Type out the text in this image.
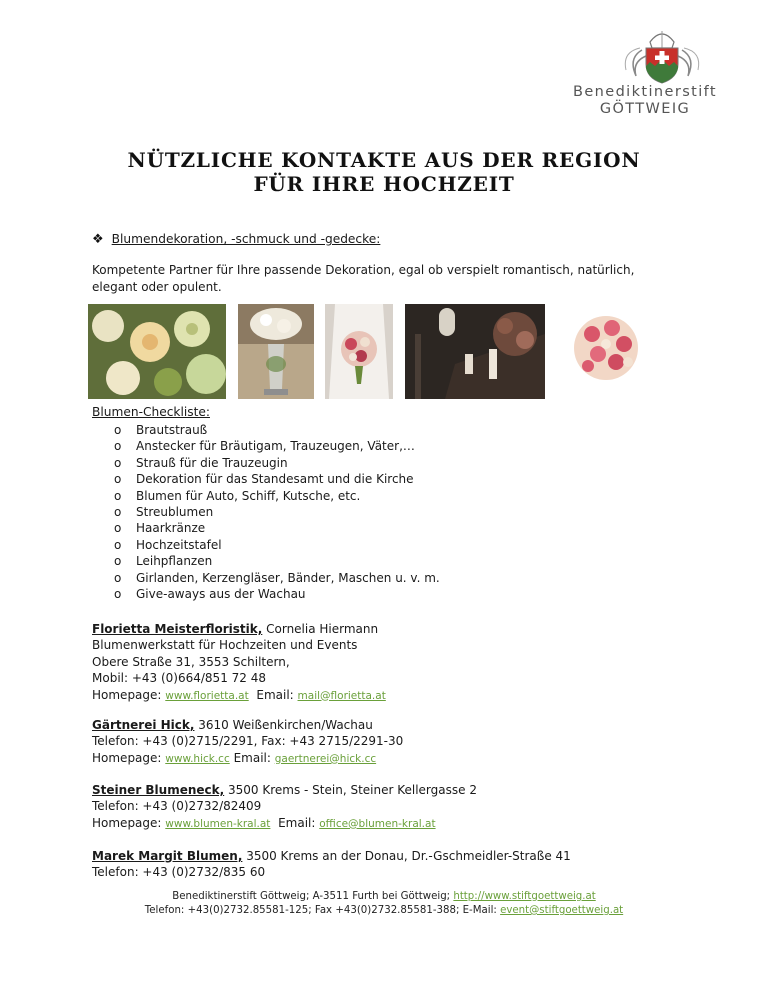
Benediktinerstift
GÖTTWEIG
NÜTZLICHE KONTAKTE AUS DER REGION
FÜR IHRE HOCHZEIT
❖ Blumendekoration, -schmuck und -gedecke:
Kompetente Partner für Ihre passende Dekoration, egal ob verspielt romantisch, natürlich, elegant oder opulent.
Blumen-Checkliste:
o Brautstrauß
o Anstecker für Bräutigam, Trauzeugen, Väter,…
o Strauß für die Trauzeugin
o Dekoration für das Standesamt und die Kirche
o Blumen für Auto, Schiff, Kutsche, etc.
o Streublumen
o Haarkränze
o Hochzeitstafel
o Leihpflanzen
o Girlanden, Kerzengläser, Bänder, Maschen u. v. m.
o Give-aways aus der Wachau
Florietta Meisterfloristik, Cornelia Hiermann
Blumenwerkstatt für Hochzeiten und Events
Obere Straße 31, 3553 Schiltern,
Mobil: +43 (0)664/851 72 48
Homepage: www.florietta.at Email: mail@florietta.at
Gärtnerei Hick, 3610 Weißenkirchen/Wachau
Telefon: +43 (0)2715/2291, Fax: +43 2715/2291-30
Homepage: www.hick.cc Email: gaertnerei@hick.cc
Steiner Blumeneck, 3500 Krems - Stein, Steiner Kellergasse 2
Telefon: +43 (0)2732/82409
Homepage: www.blumen-kral.at Email: office@blumen-kral.at
Marek Margit Blumen, 3500 Krems an der Donau, Dr.-Gschmeidler-Straße 41
Telefon: +43 (0)2732/835 60
Benediktinerstift Göttweig; A-3511 Furth bei Göttweig; http://www.stiftgoettweig.at
Telefon: +43(0)2732.85581-125; Fax +43(0)2732.85581-388; E-Mail: event@stiftgoettweig.at
